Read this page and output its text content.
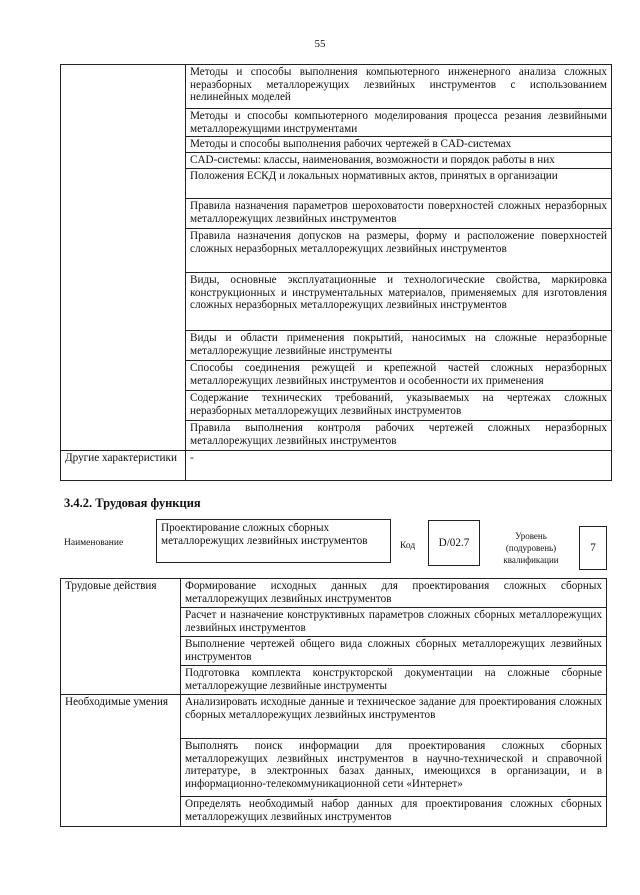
55
	Методы и способы выполнения компьютерного инженерного анализа сложных неразборных металлорежущих лезвийных инструментов с использованием нелинейных моделей
	Методы и способы компьютерного моделирования процесса резания лезвийными металлорежущими инструментами
	Методы и способы выполнения рабочих чертежей в CAD-системах
	CAD-системы: классы, наименования, возможности и порядок работы в них
	Положения ЕСКД и локальных нормативных актов, принятых в организации
	Правила назначения параметров шероховатости поверхностей сложных неразборных металлорежущих лезвийных инструментов
	Правила назначения допусков на размеры, форму и расположение поверхностей сложных неразборных металлорежущих лезвийных инструментов
	Виды, основные эксплуатационные и технологические свойства, маркировка конструкционных и инструментальных материалов, применяемых для изготовления сложных неразборных металлорежущих лезвийных инструментов
	Виды и области применения покрытий, наносимых на сложные неразборные металлорежущие лезвийные инструменты
	Способы соединения режущей и крепежной частей сложных неразборных металлорежущих лезвийных инструментов и особенности их применения
	Содержание технических требований, указываемых на чертежах сложных неразборных металлорежущих лезвийных инструментов
	Правила выполнения контроля рабочих чертежей сложных неразборных металлорежущих лезвийных инструментов
Другие характеристики	-
3.4.2. Трудовая функция
Наименование
Проектирование сложных сборных металлорежущих лезвийных инструментов	Код	D/02.7
Уровень (подуровень) квалификации
7
Трудовые действия	Формирование исходных данных для проектирования сложных сборных металлорежущих лезвийных инструментов
	Расчет и назначение конструктивных параметров сложных сборных металлорежущих лезвийных инструментов
	Выполнение чертежей общего вида сложных сборных металлорежущих лезвийных инструментов
	Подготовка комплекта конструкторской документации на сложные сборные металлорежущие лезвийные инструменты
Необходимые умения	Анализировать исходные данные и техническое задание для проектирования сложных сборных металлорежущих лезвийных инструментов
	Выполнять поиск информации для проектирования сложных сборных металлорежущих лезвийных инструментов в научно-технической и справочной литературе, в электронных базах данных, имеющихся в организации, и в информационно-телекоммуникационной сети «Интернет»
	Определять необходимый набор данных для проектирования сложных сборных металлорежущих лезвийных инструментов
